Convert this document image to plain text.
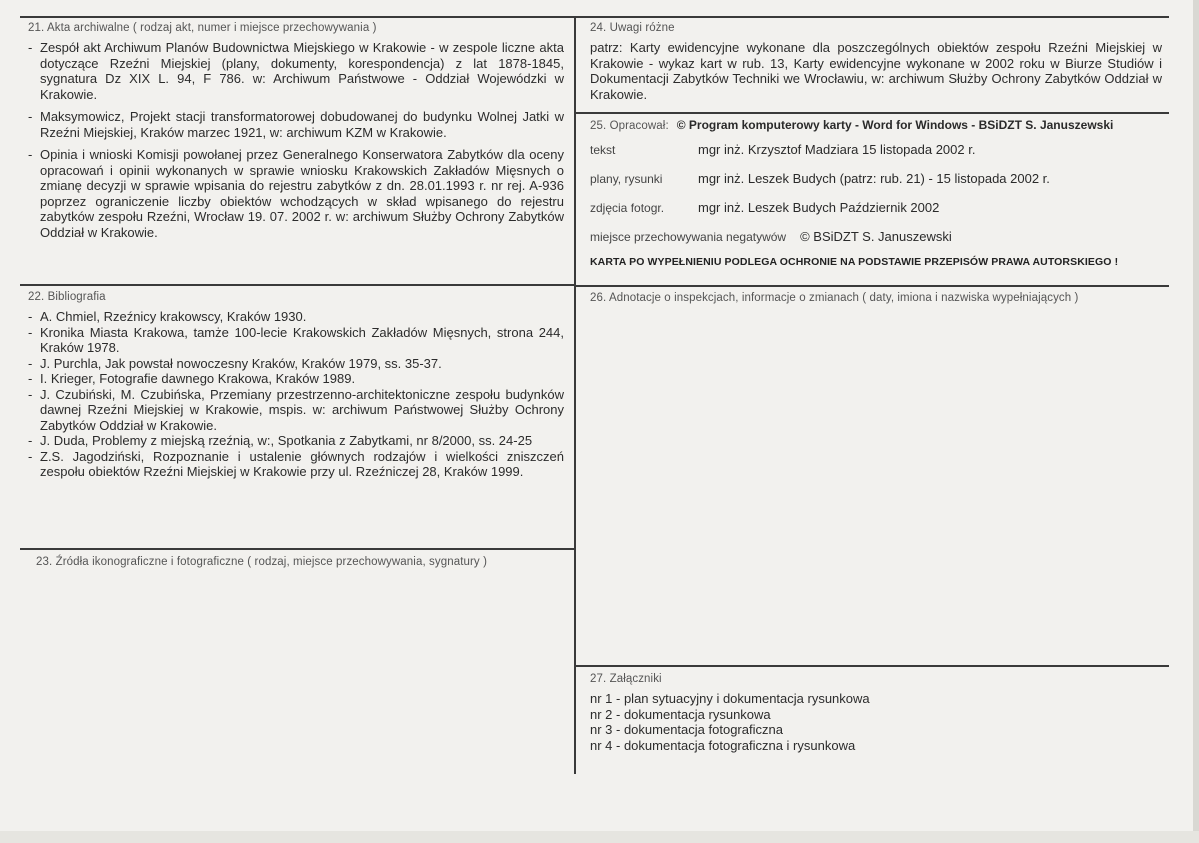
21. Akta archiwalne ( rodzaj akt, numer i miejsce przechowywania )
- Zespół akt Archiwum Planów Budownictwa Miejskiego w Krakowie - w zespole liczne akta dotyczące Rzeźni Miejskiej (plany, dokumenty, korespondencja) z lat 1878-1845, sygnatura Dz XIX L. 94, F 786. w: Archiwum Państwowe - Oddział Wojewódzki w Krakowie.
- Maksymowicz, Projekt stacji transformatorowej dobudowanej do budynku Wolnej Jatki w Rzeźni Miejskiej, Kraków marzec 1921, w: archiwum KZM w Krakowie.
- Opinia i wnioski Komisji powołanej przez Generalnego Konserwatora Zabytków dla oceny opracowań i opinii wykonanych w sprawie wniosku Krakowskich Zakładów Mięsnych o zmianę decyzji w sprawie wpisania do rejestru zabytków z dn. 28.01.1993 r. nr rej. A-936 poprzez ograniczenie liczby obiektów wchodzących w skład wpisanego do rejestru zabytków zespołu Rzeźni, Wrocław 19. 07. 2002 r. w: archiwum Służby Ochrony Zabytków Oddział w Krakowie.
22. Bibliografia
- A. Chmiel, Rzeźnicy krakowscy, Kraków 1930.
- Kronika Miasta Krakowa, tamże 100-lecie Krakowskich Zakładów Mięsnych, strona 244, Kraków 1978.
- J. Purchla, Jak powstał nowoczesny Kraków, Kraków 1979, ss. 35-37.
- I. Krieger, Fotografie dawnego Krakowa, Kraków 1989.
- J. Czubiński, M. Czubińska, Przemiany przestrzenno-architektoniczne zespołu budynków dawnej Rzeźni Miejskiej w Krakowie, mspis. w: archiwum Państwowej Służby Ochrony Zabytków Oddział w Krakowie.
- J. Duda, Problemy z miejską rzeźnią, w:, Spotkania z Zabytkami, nr 8/2000, ss. 24-25
- Z.S. Jagodziński, Rozpoznanie i ustalenie głównych rodzajów i wielkości zniszczeń zespołu obiektów Rzeźni Miejskiej w Krakowie przy ul. Rzeźniczej 28, Kraków 1999.
23. Źródła ikonograficzne i fotograficzne ( rodzaj, miejsce przechowywania, sygnatury )
24. Uwagi różne
patrz: Karty ewidencyjne wykonane dla poszczególnych obiektów zespołu Rzeźni Miejskiej w Krakowie - wykaz kart w rub. 13, Karty ewidencyjne wykonane w 2002 roku w Biurze Studiów i Dokumentacji Zabytków Techniki we Wrocławiu, w: archiwum Służby Ochrony Zabytków Oddział w Krakowie.
25. Opracował: © Program komputerowy karty - Word for Windows - BSiDZT S. Januszewski
tekst	mgr inż. Krzysztof Madziara 15 listopada 2002 r.
plany, rysunki	mgr inż. Leszek Budych (patrz: rub. 21) - 15 listopada 2002 r.
zdjęcia fotogr.	mgr inż. Leszek Budych Październik 2002
miejsce przechowywania negatywów © BSiDZT S. Januszewski
KARTA PO WYPEŁNIENIU PODLEGA OCHRONIE NA PODSTAWIE PRZEPISÓW PRAWA AUTORSKIEGO !
26. Adnotacje o inspekcjach, informacje o zmianach ( daty, imiona i nazwiska wypełniających )
27. Załączniki
nr 1 - plan sytuacyjny i dokumentacja rysunkowa
nr 2 - dokumentacja rysunkowa
nr 3 - dokumentacja fotograficzna
nr 4 - dokumentacja fotograficzna i rysunkowa
